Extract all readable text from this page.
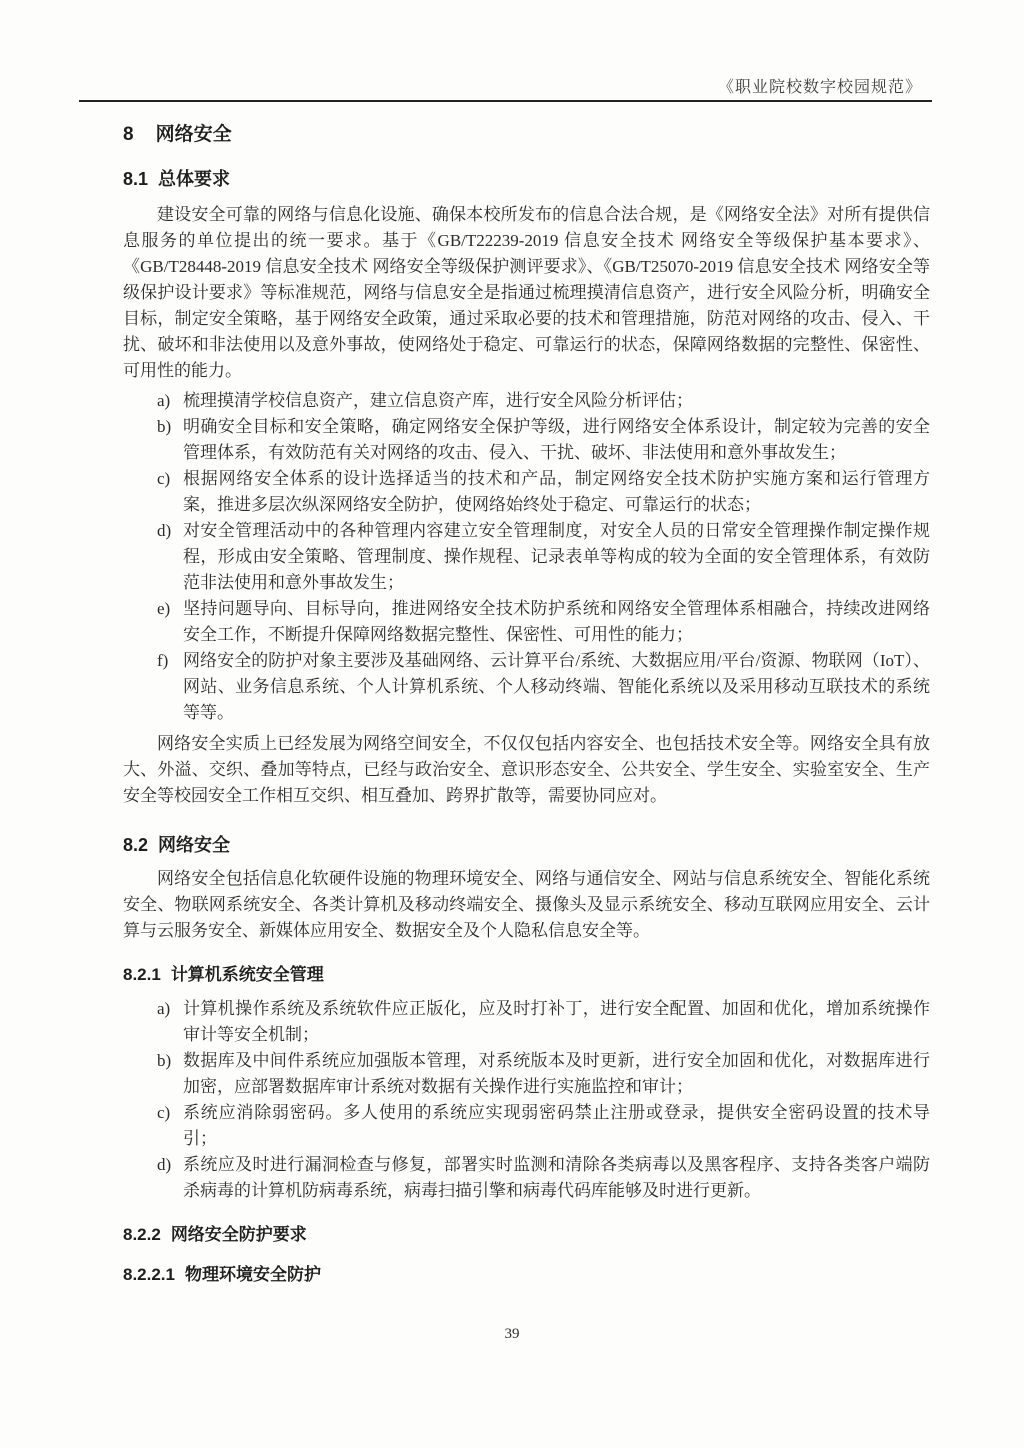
《职业院校数字校园规范》
8 网络安全
8.1 总体要求

建设安全可靠的网络与信息化设施、确保本校所发布的信息合法合规，是《网络安全法》对所有提供信息服务的单位提出的统一要求。基于《GB/T22239-2019 信息安全技术 网络安全等级保护基本要求》、《GB/T28448-2019 信息安全技术 网络安全等级保护测评要求》、《GB/T25070-2019 信息安全技术 网络安全等级保护设计要求》等标准规范，网络与信息安全是指通过梳理摸清信息资产，进行安全风险分析，明确安全目标，制定安全策略，基于网络安全政策，通过采取必要的技术和管理措施，防范对网络的攻击、侵入、干扰、破坏和非法使用以及意外事故，使网络处于稳定、可靠运行的状态，保障网络数据的完整性、保密性、可用性的能力。

a) 梳理摸清学校信息资产，建立信息资产库，进行安全风险分析评估；
b) 明确安全目标和安全策略，确定网络安全保护等级，进行网络安全体系设计，制定较为完善的安全管理体系，有效防范有关对网络的攻击、侵入、干扰、破坏、非法使用和意外事故发生；
c) 根据网络安全体系的设计选择适当的技术和产品，制定网络安全技术防护实施方案和运行管理方案，推进多层次纵深网络安全防护，使网络始终处于稳定、可靠运行的状态；
d) 对安全管理活动中的各种管理内容建立安全管理制度，对安全人员的日常安全管理操作制定操作规程，形成由安全策略、管理制度、操作规程、记录表单等构成的较为全面的安全管理体系，有效防范非法使用和意外事故发生；
e) 坚持问题导向、目标导向，推进网络安全技术防护系统和网络安全管理体系相融合，持续改进网络安全工作，不断提升保障网络数据完整性、保密性、可用性的能力；
f) 网络安全的防护对象主要涉及基础网络、云计算平台/系统、大数据应用/平台/资源、物联网（IoT）、网站、业务信息系统、个人计算机系统、个人移动终端、智能化系统以及采用移动互联技术的系统等等。

网络安全实质上已经发展为网络空间安全，不仅仅包括内容安全、也包括技术安全等。网络安全具有放大、外溢、交织、叠加等特点，已经与政治安全、意识形态安全、公共安全、学生安全、实验室安全、生产安全等校园安全工作相互交织、相互叠加、跨界扩散等，需要协同应对。

8.2 网络安全

网络安全包括信息化软硬件设施的物理环境安全、网络与通信安全、网站与信息系统安全、智能化系统安全、物联网系统安全、各类计算机及移动终端安全、摄像头及显示系统安全、移动互联网应用安全、云计算与云服务安全、新媒体应用安全、数据安全及个人隐私信息安全等。

8.2.1 计算机系统安全管理
a) 计算机操作系统及系统软件应正版化，应及时打补丁，进行安全配置、加固和优化，增加系统操作审计等安全机制；
b) 数据库及中间件系统应加强版本管理，对系统版本及时更新，进行安全加固和优化，对数据库进行加密，应部署数据库审计系统对数据有关操作进行实施监控和审计；
c) 系统应消除弱密码。多人使用的系统应实现弱密码禁止注册或登录，提供安全密码设置的技术导引；
d) 系统应及时进行漏洞检查与修复，部署实时监测和清除各类病毒以及黑客程序、支持各类客户端防杀病毒的计算机防病毒系统，病毒扫描引擎和病毒代码库能够及时进行更新。
8.2.2 网络安全防护要求
8.2.2.1 物理环境安全防护
39
